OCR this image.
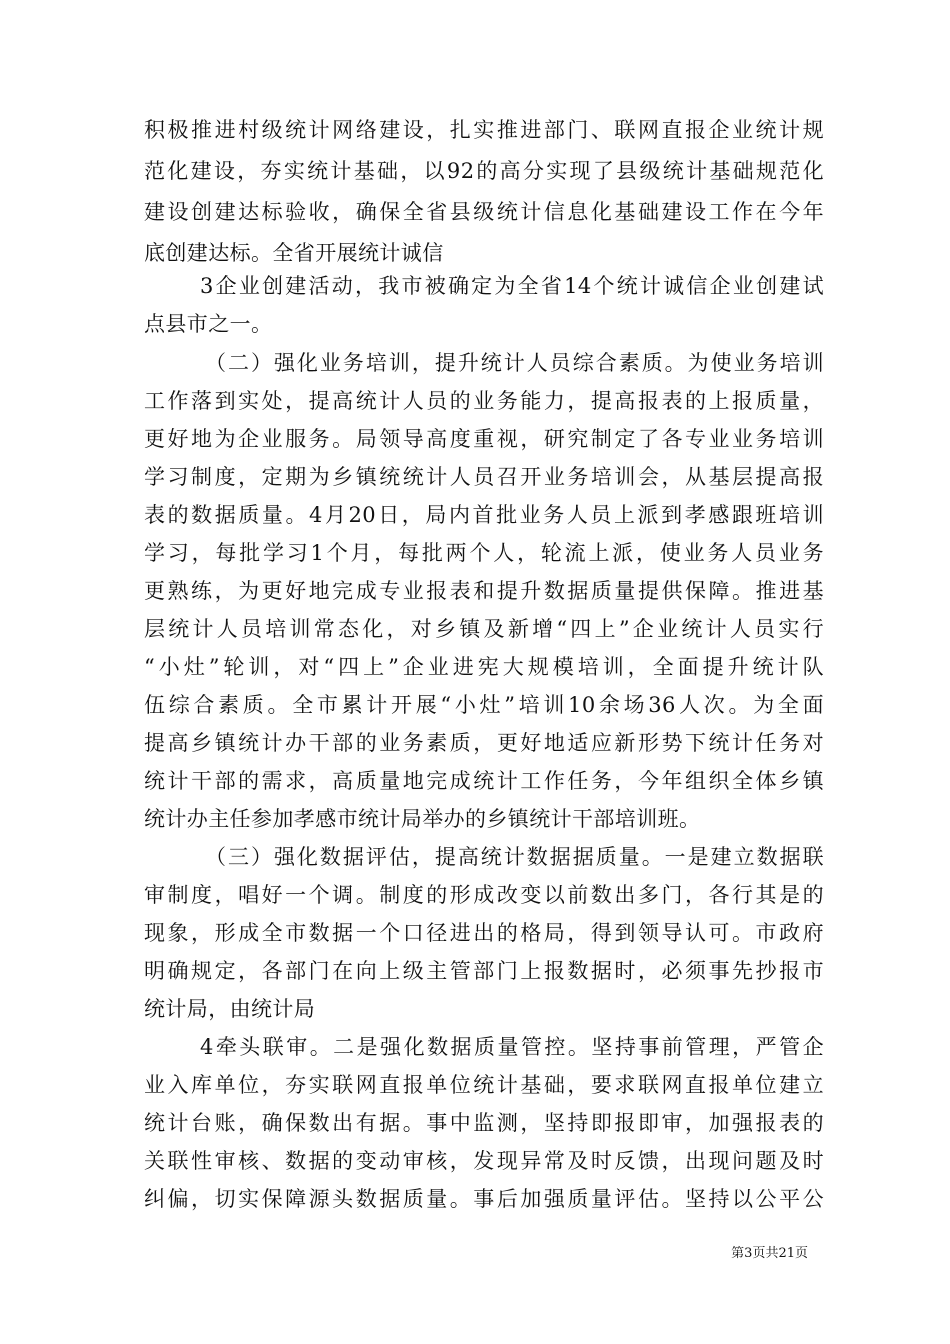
积极推进村级统计网络建设，扎实推进部门、联网直报企业统计规
范化建设，夯实统计基础，以92的高分实现了县级统计基础规范化
建设创建达标验收，确保全省县级统计信息化基础建设工作在今年
底创建达标。全省开展统计诚信
3企业创建活动，我市被确定为全省14个统计诚信企业创建试
点县市之一。
（二）强化业务培训，提升统计人员综合素质。为使业务培训
工作落到实处，提高统计人员的业务能力，提高报表的上报质量，
更好地为企业服务。局领导高度重视，研究制定了各专业业务培训
学习制度，定期为乡镇统统计人员召开业务培训会，从基层提高报
表的数据质量。4月20日，局内首批业务人员上派到孝感跟班培训
学习，每批学习1个月，每批两个人，轮流上派，使业务人员业务
更熟练，为更好地完成专业报表和提升数据质量提供保障。推进基
层统计人员培训常态化，对乡镇及新增“四上”企业统计人员实行
“小灶”轮训，对“四上”企业进宪大规模培训，全面提升统计队
伍综合素质。全市累计开展“小灶”培训10余场36人次。为全面
提高乡镇统计办干部的业务素质，更好地适应新形势下统计任务对
统计干部的需求，高质量地完成统计工作任务，今年组织全体乡镇
统计办主任参加孝感市统计局举办的乡镇统计干部培训班。
（三）强化数据评估，提高统计数据据质量。一是建立数据联
审制度，唱好一个调。制度的形成改变以前数出多门，各行其是的
现象，形成全市数据一个口径进出的格局，得到领导认可。市政府
明确规定，各部门在向上级主管部门上报数据时，必须事先抄报市
统计局，由统计局
4牵头联审。二是强化数据质量管控。坚持事前管理，严管企
业入库单位，夯实联网直报单位统计基础，要求联网直报单位建立
统计台账，确保数出有据。事中监测，坚持即报即审，加强报表的
关联性审核、数据的变动审核，发现异常及时反馈，出现问题及时
纠偏，切实保障源头数据质量。事后加强质量评估。坚持以公平公
第3页共21页
